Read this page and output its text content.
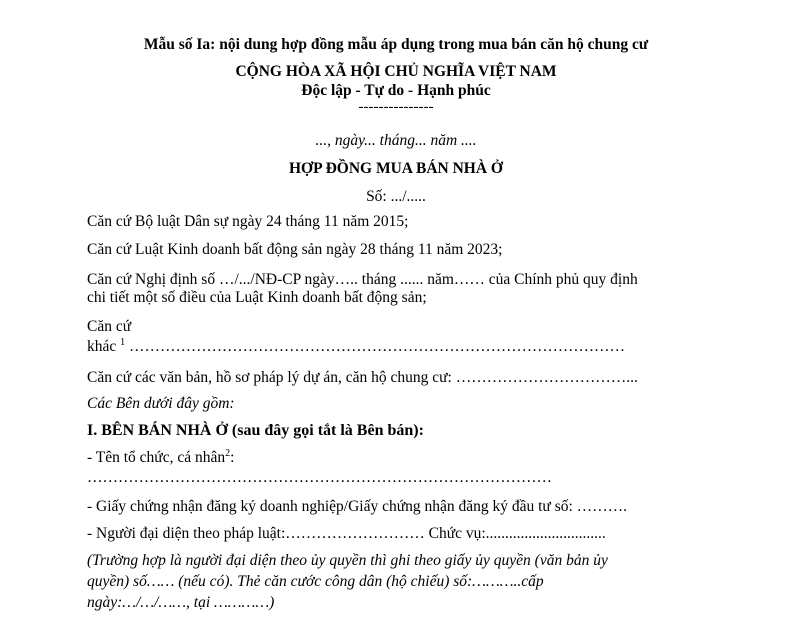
Mẫu số Ia: nội dung hợp đồng mẫu áp dụng trong mua bán căn hộ chung cư
CỘNG HÒA XÃ HỘI CHỦ NGHĨA VIỆT NAM
Độc lập - Tự do - Hạnh phúc
---------------
..., ngày... tháng... năm ....
HỢP ĐỒNG MUA BÁN NHÀ Ở
Số: .../.....
Căn cứ Bộ luật Dân sự ngày 24 tháng 11 năm 2015;
Căn cứ Luật Kinh doanh bất động sản ngày 28 tháng 11 năm 2023;
Căn cứ Nghị định số …/.../NĐ-CP ngày….. tháng ...... năm…… của Chính phủ quy định
chi tiết một số điều của Luật Kinh doanh bất động sản;
Căn cứ
khác $^1$ ……………………………………………………………………………………
Căn cứ các văn bản, hồ sơ pháp lý dự án, căn hộ chung cư: ……………………………...
Các Bên dưới đây gồm:
I. BÊN BÁN NHÀ Ở (sau đây gọi tắt là Bên bán):
- Tên tổ chức, cá nhân$^2$:
………………………………………………………………………………
- Giấy chứng nhận đăng ký doanh nghiệp/Giấy chứng nhận đăng ký đầu tư số: ……….
- Người đại diện theo pháp luật:……………………… Chức vụ:...............................
(Trường hợp là người đại diện theo ủy quyền thì ghi theo giấy ủy quyền (văn bản ủy
quyền) số…… (nếu có). Thẻ căn cước công dân (hộ chiếu) số:………..cấp
ngày:…/…/……, tại …………)
